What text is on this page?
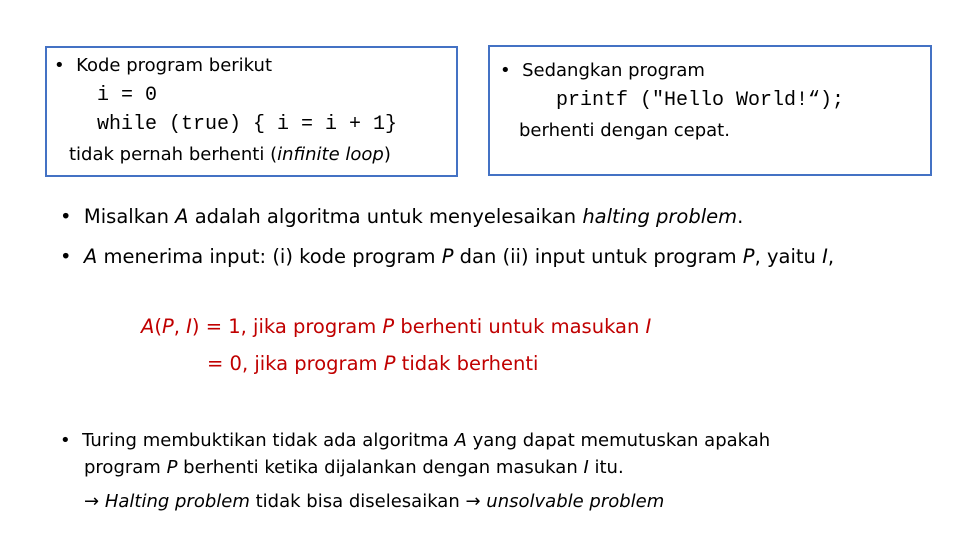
• Kode program berikut
i = 0
while (true) { i = i + 1}
tidak pernah berhenti (infinite loop)
• Sedangkan program
printf ("Hello World!“);
berhenti dengan cepat.
• Misalkan A adalah algoritma untuk menyelesaikan halting problem.
• A menerima input: (i) kode program P dan (ii) input untuk program P, yaitu I,
A(P, I) = 1, jika program P berhenti untuk masukan I
= 0, jika program P tidak berhenti
• Turing membuktikan tidak ada algoritma A yang dapat memutuskan apakah
program P berhenti ketika dijalankan dengan masukan I itu.
→ Halting problem tidak bisa diselesaikan → unsolvable problem
